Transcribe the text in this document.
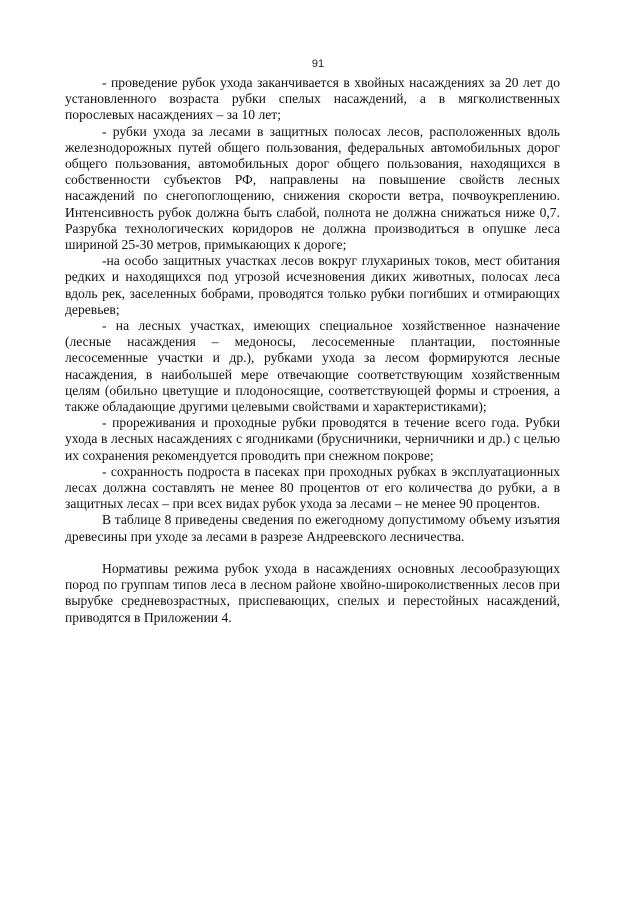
91

- проведение рубок ухода заканчивается в хвойных насаждениях за 20 лет до установленного возраста рубки спелых насаждений, а в мягколиственных порослевых насаждениях – за 10 лет;

- рубки ухода за лесами в защитных полосах лесов, расположенных вдоль железнодорожных путей общего пользования, федеральных автомобильных дорог общего пользования, автомобильных дорог общего пользования, находящихся в собственности субъектов РФ, направлены на повышение свойств лесных насаждений по снегопоглощению, снижения скорости ветра, почвоукреплению. Интенсивность рубок должна быть слабой, полнота не должна снижаться ниже 0,7. Разрубка технологических коридоров не должна производиться в опушке леса шириной 25-30 метров, примыкающих к дороге;

-на особо защитных участках лесов вокруг глухариных токов, мест обитания редких и находящихся под угрозой исчезновения диких животных, полосах леса вдоль рек, заселенных бобрами, проводятся только рубки погибших и отмирающих деревьев;

- на лесных участках, имеющих специальное хозяйственное назначение (лесные насаждения – медоносы, лесосеменные плантации, постоянные лесосеменные участки и др.), рубками ухода за лесом формируются лесные насаждения, в наибольшей мере отвечающие соответствующим хозяйственным целям (обильно цветущие и плодоносящие, соответствующей формы и строения, а также обладающие другими целевыми свойствами и характеристиками);

- прореживания и проходные рубки проводятся в течение всего года. Рубки ухода в лесных насаждениях с ягодниками (брусничники, черничники и др.) с целью их сохранения рекомендуется проводить при снежном покрове;

- сохранность подроста в пасеках при проходных рубках в эксплуатационных лесах должна составлять не менее 80 процентов от его количества до рубки, а в защитных лесах – при всех видах рубок ухода за лесами – не менее 90 процентов.

В таблице 8 приведены сведения по ежегодному допустимому объему изъятия древесины при уходе за лесами в разрезе Андреевского лесничества.

Нормативы режима рубок ухода в насаждениях основных лесообразующих пород по группам типов леса в лесном районе хвойно-широколиственных лесов при вырубке средневозрастных, приспевающих, спелых и перестойных насаждений, приводятся в Приложении 4.
